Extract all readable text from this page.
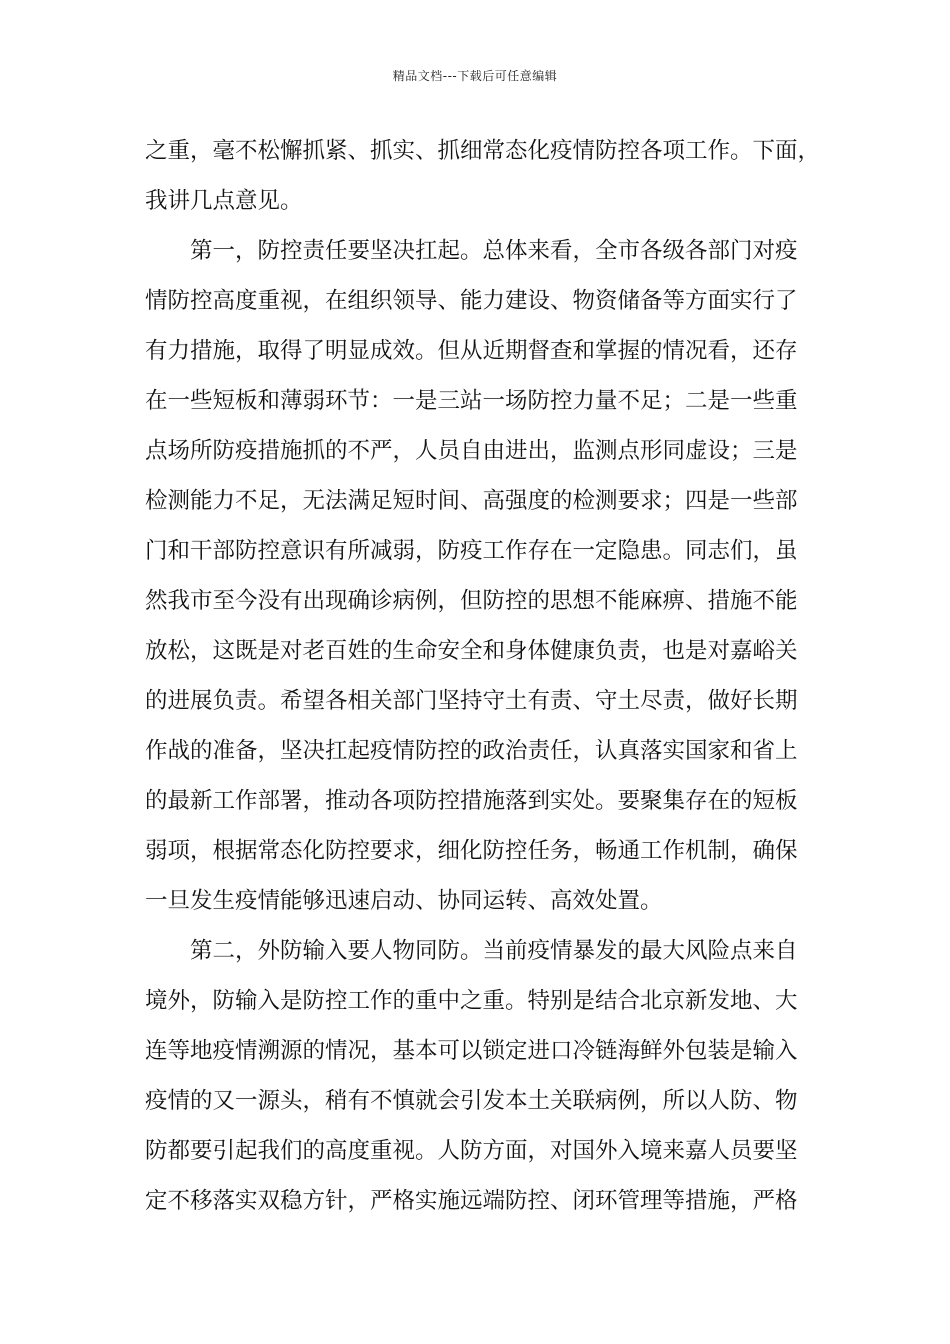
精品文档---下载后可任意编辑
之重，毫不松懈抓紧、抓实、抓细常态化疫情防控各项工作。下面，
我讲几点意见。
第一，防控责任要坚决扛起。总体来看，全市各级各部门对疫
情防控高度重视，在组织领导、能力建设、物资储备等方面实行了
有力措施，取得了明显成效。但从近期督查和掌握的情况看，还存
在一些短板和薄弱环节：一是三站一场防控力量不足；二是一些重
点场所防疫措施抓的不严，人员自由进出，监测点形同虚设；三是
检测能力不足，无法满足短时间、高强度的检测要求；四是一些部
门和干部防控意识有所减弱，防疫工作存在一定隐患。同志们，虽
然我市至今没有出现确诊病例，但防控的思想不能麻痹、措施不能
放松，这既是对老百姓的生命安全和身体健康负责，也是对嘉峪关
的进展负责。希望各相关部门坚持守土有责、守土尽责，做好长期
作战的准备，坚决扛起疫情防控的政治责任，认真落实国家和省上
的最新工作部署，推动各项防控措施落到实处。要聚集存在的短板
弱项，根据常态化防控要求，细化防控任务，畅通工作机制，确保
一旦发生疫情能够迅速启动、协同运转、高效处置。
第二，外防输入要人物同防。当前疫情暴发的最大风险点来自
境外，防输入是防控工作的重中之重。特别是结合北京新发地、大
连等地疫情溯源的情况，基本可以锁定进口冷链海鲜外包装是输入
疫情的又一源头，稍有不慎就会引发本土关联病例，所以人防、物
防都要引起我们的高度重视。人防方面，对国外入境来嘉人员要坚
定不移落实双稳方针，严格实施远端防控、闭环管理等措施，严格
